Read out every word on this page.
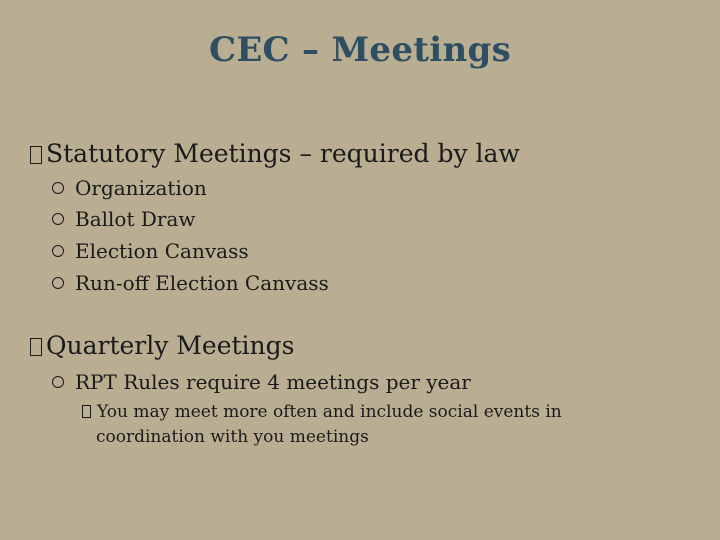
CEC – Meetings
Statutory Meetings – required by law
Organization
Ballot Draw
Election Canvass
Run-off Election Canvass
Quarterly Meetings
RPT Rules require 4 meetings per year
You may meet more often and include social events in
coordination with you meetings
